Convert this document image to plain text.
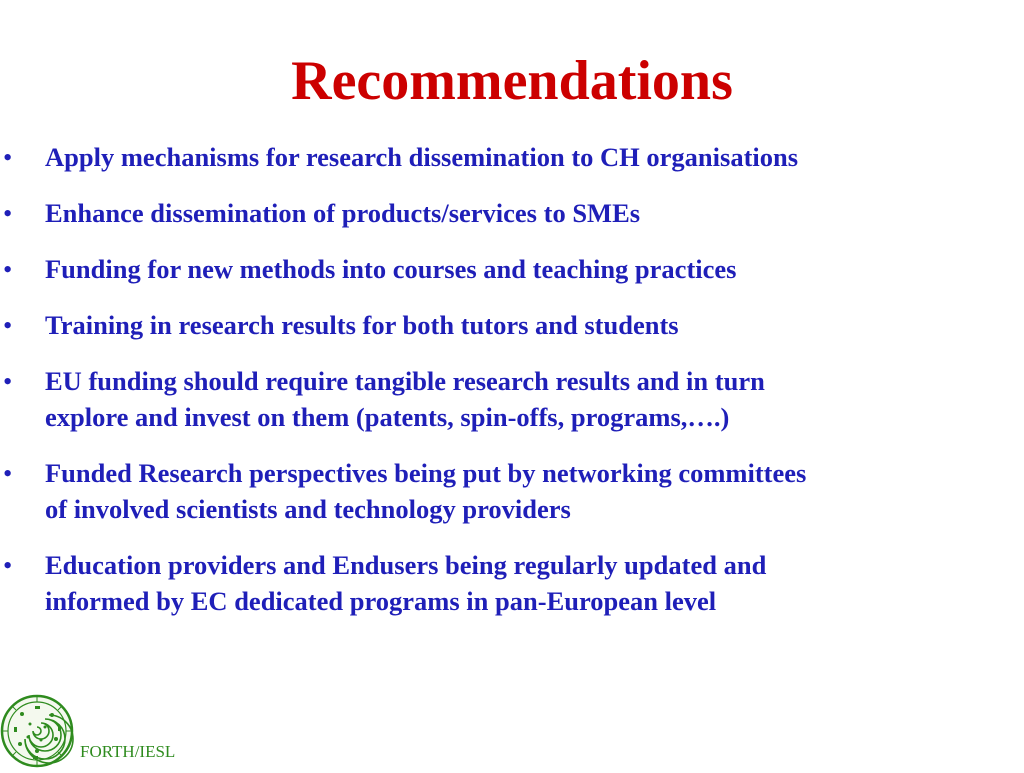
Recommendations
• Apply mechanisms for research dissemination to CH organisations
• Enhance dissemination of products/services to SMEs
• Funding for new methods into courses and teaching practices
• Training in research results for both tutors and students
• EU funding should require tangible research results and in turn
explore and invest on them (patents, spin-offs, programs,….)
• Funded Research perspectives being put by networking committees
of involved scientists and technology providers
• Education providers and Endusers being regularly updated and
informed by EC dedicated programs in pan-European level
FORTH/IESL
